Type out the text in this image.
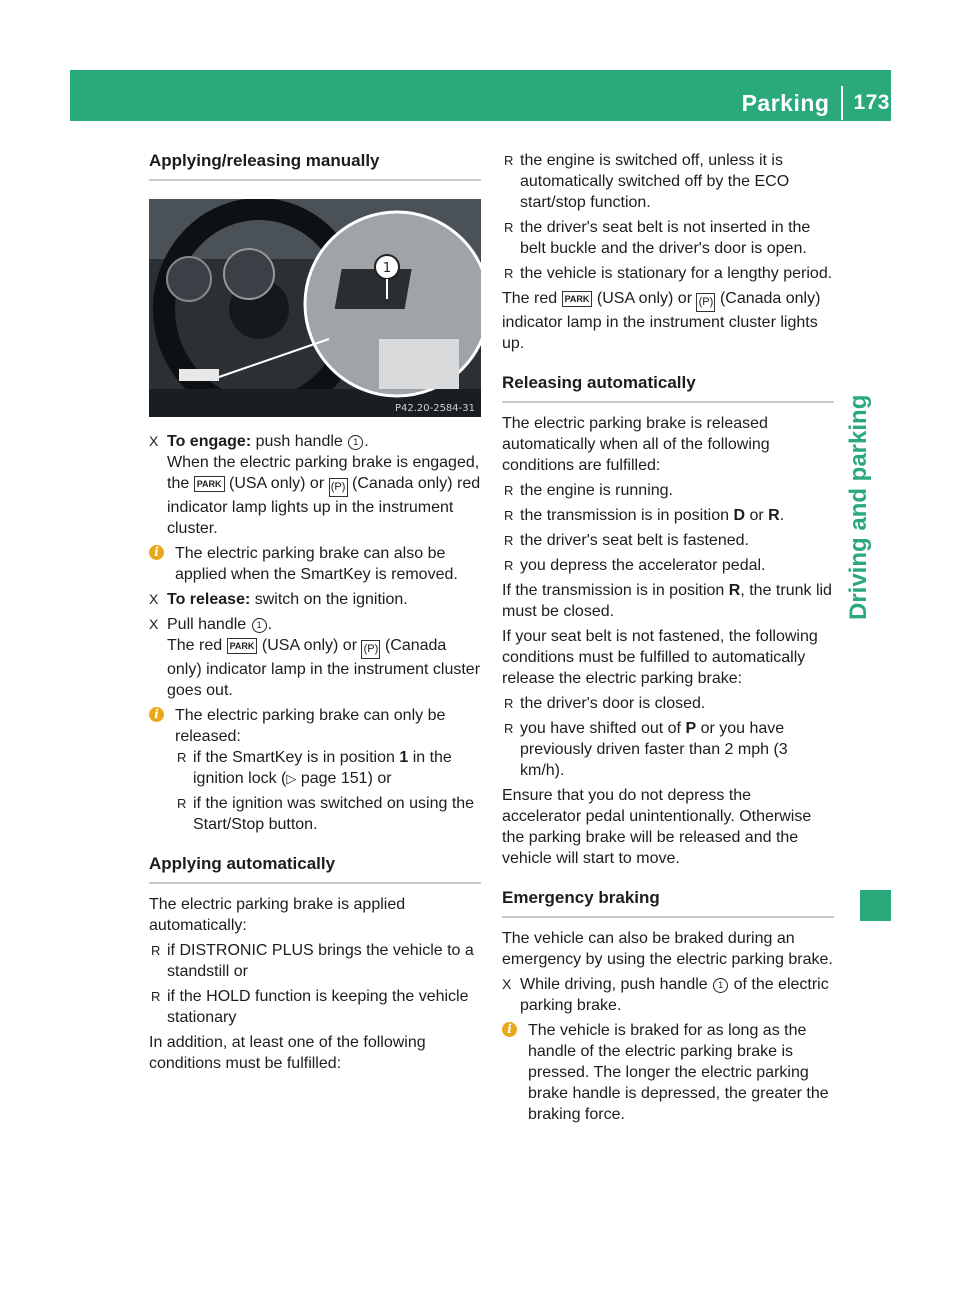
Parking 173
Driving and parking
Applying/releasing manually
1
P42.20-2584-31
X To engage: push handle 1 .
When the electric parking brake is engaged, the PARK (USA only) or (P) (Canada only) red indicator lamp lights up in the instrument cluster.
i	The electric parking brake can also be applied when the SmartKey is removed.
X To release: switch on the ignition.
X Pull handle 1 .
The red PARK (USA only) or (P) (Canada only) indicator lamp in the instrument cluster goes out.
i	The electric parking brake can only be released:
R if the SmartKey is in position 1 in the ignition lock (▷ page 151) or
R if the ignition was switched on using the Start/Stop button.
Applying automatically

The electric parking brake is applied automatically:

R if DISTRONIC PLUS brings the vehicle to a standstill or
R if the HOLD function is keeping the vehicle stationary

In addition, at least one of the following conditions must be fulfilled:

R the engine is switched off, unless it is automatically switched off by the ECO start/stop function.
R the driver's seat belt is not inserted in the belt buckle and the driver's door is open.
R the vehicle is stationary for a lengthy period.

The red PARK (USA only) or (P) (Canada only) indicator lamp in the instrument cluster lights up.

Releasing automatically

The electric parking brake is released automatically when all of the following conditions are fulfilled:

R the engine is running.
R the transmission is in position D or R.
R the driver's seat belt is fastened.
R you depress the accelerator pedal.

If the transmission is in position R, the trunk lid must be closed.

If your seat belt is not fastened, the following conditions must be fulfilled to automatically release the electric parking brake:

R the driver's door is closed.
R you have shifted out of P or you have previously driven faster than 2 mph (3 km/h).

Ensure that you do not depress the accelerator pedal unintentionally. Otherwise the parking brake will be released and the vehicle will start to move.

Emergency braking

The vehicle can also be braked during an emergency by using the electric parking brake.

X While driving, push handle 1 of the electric parking brake.
i	The vehicle is braked for as long as the handle of the electric parking brake is pressed. The longer the electric parking brake handle is depressed, the greater the braking force.
